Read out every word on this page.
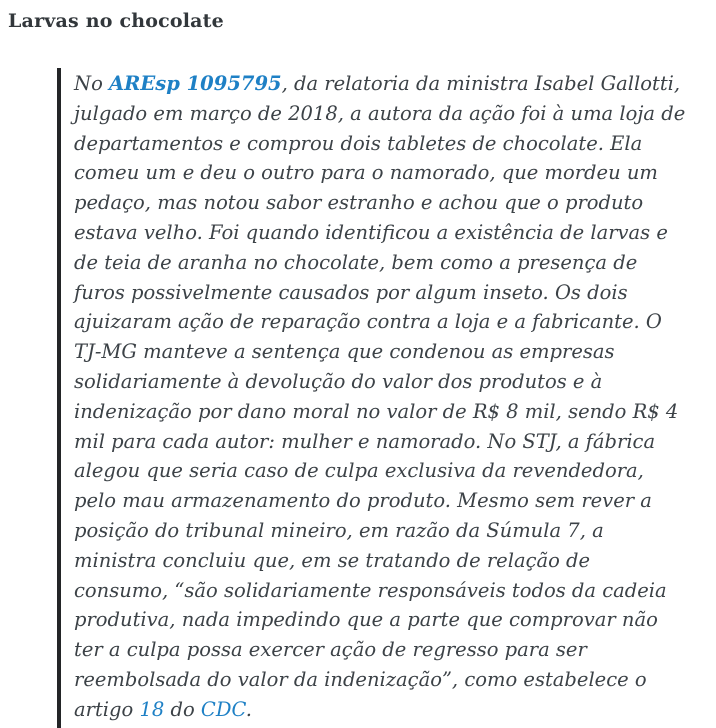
Larvas no chocolate

No AREsp 1095795, da relatoria da ministra Isabel Gallotti, julgado em março de 2018, a autora da ação foi à uma loja de departamentos e comprou dois tabletes de chocolate. Ela comeu um e deu o outro para o namorado, que mordeu um pedaço, mas notou sabor estranho e achou que o produto estava velho. Foi quando identificou a existência de larvas e de teia de aranha no chocolate, bem como a presença de furos possivelmente causados por algum inseto. Os dois ajuizaram ação de reparação contra a loja e a fabricante. O TJ-MG manteve a sentença que condenou as empresas solidariamente à devolução do valor dos produtos e à indenização por dano moral no valor de R$ 8 mil, sendo R$ 4 mil para cada autor: mulher e namorado. No STJ, a fábrica alegou que seria caso de culpa exclusiva da revendedora, pelo mau armazenamento do produto. Mesmo sem rever a posição do tribunal mineiro, em razão da Súmula 7, a ministra concluiu que, em se tratando de relação de consumo, “são solidariamente responsáveis todos da cadeia produtiva, nada impedindo que a parte que comprovar não ter a culpa possa exercer ação de regresso para ser reembolsada do valor da indenização”, como estabelece o artigo 18 do CDC.
